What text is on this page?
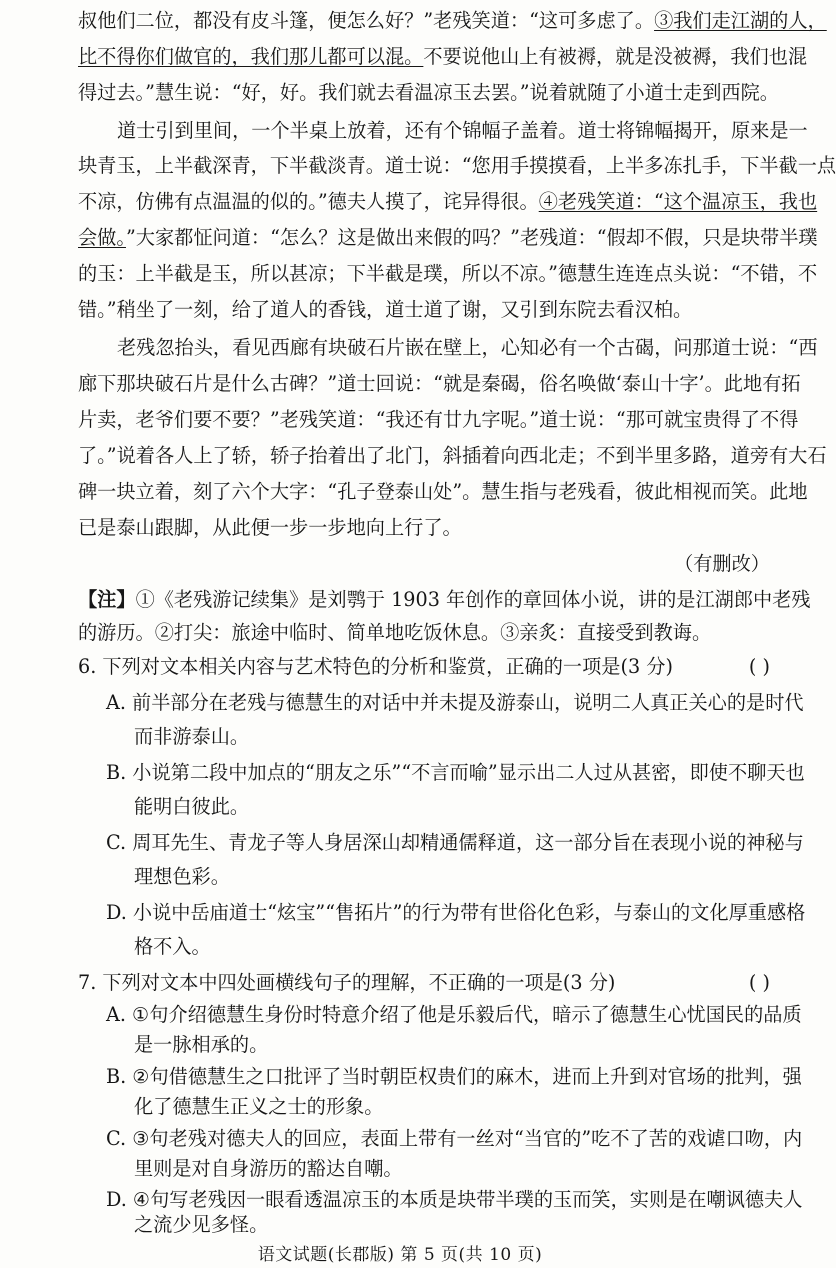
叔他们二位，都没有皮斗篷，便怎么好？”老残笑道：“这可多虑了。③我们走江湖的人，
比不得你们做官的，我们那儿都可以混。不要说他山上有被褥，就是没被褥，我们也混
得过去。”慧生说：“好，好。我们就去看温凉玉去罢。”说着就随了小道士走到西院。
道士引到里间，一个半桌上放着，还有个锦幅子盖着。道士将锦幅揭开，原来是一
块青玉，上半截深青，下半截淡青。道士说：“您用手摸摸看，上半多冻扎手，下半截一点
不凉，仿佛有点温温的似的。”德夫人摸了，诧异得很。④老残笑道：“这个温凉玉，我也
会做。”大家都怔问道：“怎么？这是做出来假的吗？”老残道：“假却不假，只是块带半璞
的玉：上半截是玉，所以甚凉；下半截是璞，所以不凉。”德慧生连连点头说：“不错，不
错。”稍坐了一刻，给了道人的香钱，道士道了谢，又引到东院去看汉柏。
老残忽抬头，看见西廊有块破石片嵌在壁上，心知必有一个古碣，问那道士说：“西
廊下那块破石片是什么古碑？”道士回说：“就是秦碣，俗名唤做‘泰山十字’。此地有拓
片卖，老爷们要不要？”老残笑道：“我还有廿九字呢。”道士说：“那可就宝贵得了不得
了。”说着各人上了轿，轿子抬着出了北门，斜插着向西北走；不到半里多路，道旁有大石
碑一块立着，刻了六个大字：“孔子登泰山处”。慧生指与老残看，彼此相视而笑。此地
已是泰山跟脚，从此便一步一步地向上行了。
（有删改）
【注】①《老残游记续集》是刘鹗于 1903 年创作的章回体小说，讲的是江湖郎中老残
的游历。②打尖：旅途中临时、简单地吃饭休息。③亲炙：直接受到教诲。
6. 下列对文本相关内容与艺术特色的分析和鉴赏，正确的一项是(3 分)	( )
A. 前半部分在老残与德慧生的对话中并未提及游泰山，说明二人真正关心的是时代
而非游泰山。
B. 小说第二段中加点的“朋友之乐”“不言而喻”显示出二人过从甚密，即使不聊天也
能明白彼此。
C. 周耳先生、青龙子等人身居深山却精通儒释道，这一部分旨在表现小说的神秘与
理想色彩。
D. 小说中岳庙道士“炫宝”“售拓片”的行为带有世俗化色彩，与泰山的文化厚重感格
格不入。
7. 下列对文本中四处画横线句子的理解，不正确的一项是(3 分)	( )
A. ①句介绍德慧生身份时特意介绍了他是乐毅后代，暗示了德慧生心忧国民的品质
是一脉相承的。
B. ②句借德慧生之口批评了当时朝臣权贵们的麻木，进而上升到对官场的批判，强
化了德慧生正义之士的形象。
C. ③句老残对德夫人的回应，表面上带有一丝对“当官的”吃不了苦的戏谑口吻，内
里则是对自身游历的豁达自嘲。
语文试题(长郡版) 第 5 页(共 10 页)
D. ④句写老残因一眼看透温凉玉的本质是块带半璞的玉而笑，实则是在嘲讽德夫人
之流少见多怪。
